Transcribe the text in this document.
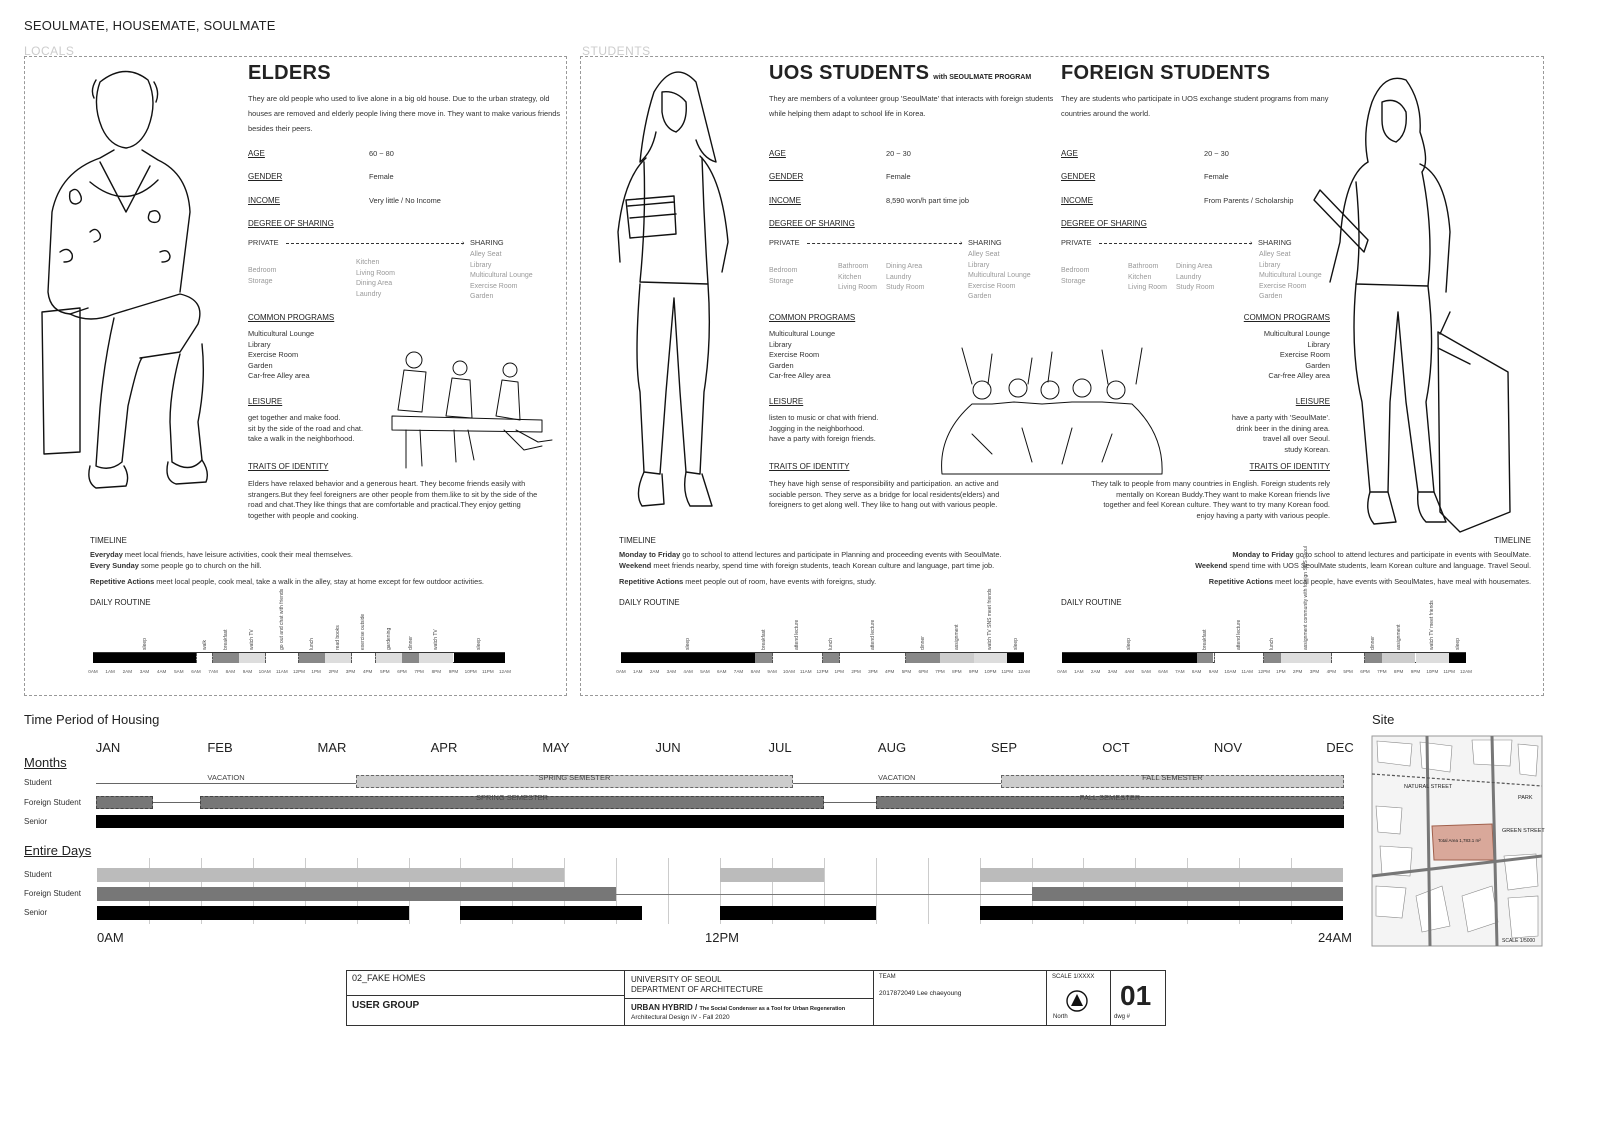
SEOULMATE, HOUSEMATE, SOULMATE
LOCALS	STUDENTS
ELDERS
They are old people who used to live alone in a big old house. Due to the urban strategy, old houses are removed and elderly people living there move in. They want to make various friends besides their peers.
UOS STUDENTS with SEOULMATE PROGRAM
They are members of a volunteer group 'SeoulMate' that interacts with foreign students while helping them adapt to school life in Korea.
FOREIGN STUDENTS
They are students who participate in UOS exchange student programs from many countries around the world.
Time Period of Housing
Months
Entire Days
Site
NATURAL STREET
PARK
GREEN STREET
Total Area 1,783.1 m²
SCALE 1/5000
02_FAKE HOMES
USER GROUP
UNIVERSITY OF SEOUL
DEPARTMENT OF ARCHITECTURE
URBAN HYBRID / The Social Condenser as a Tool for Urban Regeneration
Architectural Design IV - Fall 2020
TEAM
2017872049 Lee chaeyoung
SCALE 1/XXXX
North	dwg #
01
AGE	60 ~ 80
GENDER	Female
INCOME	Very little / No Income
DEGREE OF SHARING
PRIVATE	› SHARING
Bedroom
Storage
Kitchen
Living Room
Dining Area
Laundry
Alley Seat
Library
Multicultural Lounge
Exercise Room
Garden
AGE	20 ~ 30
GENDER	Female
INCOME	8,590 won/h part time job
DEGREE OF SHARING
PRIVATE	› SHARING
Bedroom
Storage
Bathroom
Kitchen
Living Room
Dining Area
Laundry
Study Room
Alley Seat
Library
Multicultural Lounge
Exercise Room
Garden
AGE	20 ~ 30
GENDER	Female
INCOME	From Parents / Scholarship
DEGREE OF SHARING
PRIVATE	› SHARING
Bedroom
Storage
Bathroom
Kitchen
Living Room
Dining Area
Laundry
Study Room
Alley Seat
Library
Multicultural Lounge
Exercise Room
Garden
COMMON PROGRAMS
Multicultural Lounge
Library
Exercise Room
Garden
Car-free Alley area
LEISURE
get together and make food.
sit by the side of the road and chat.
take a walk in the neighborhood.
TRAITS OF IDENTITY
Elders have relaxed behavior and a generous heart. They become friends easily with strangers.But they feel foreigners are other people from them.like to sit by the side of the road and chat.They like things that are comfortable and practical.They enjoy getting together with people and cooking.
COMMON PROGRAMS
Multicultural Lounge
Library
Exercise Room
Garden
Car-free Alley area
LEISURE
listen to music or chat with friend.
Jogging in the neighborhood.
have a party with foreign friends.
TRAITS OF IDENTITY
They have high sense of responsibility and participation. an active and sociable person. They serve as a bridge for local residents(elders) and foreigners to get along well. They like to hang out with various people.
COMMON PROGRAMS
Multicultural Lounge
Library
Exercise Room
Garden
Car-free Alley area
LEISURE
have a party with 'SeoulMate'.
drink beer in the dining area.
travel all over Seoul.
study Korean.
TRAITS OF IDENTITY
They talk to people from many countries in English. Foreign students rely mentally on Korean Buddy.They want to make Korean friends live together and feel Korean culture. They want to try many Korean food. enjoy having a party with various people.
TIMELINE
Everyday meet local friends, have leisure activities, cook their meal themselves.
Every Sunday some people go to church on the hill.
Repetitive Actions meet local people, cook meal, take a walk in the alley, stay at home except for few outdoor activities.
DAILY ROUTINE
TIMELINE
Monday to Friday go to school to attend lectures and participate in Planning and proceeding events with SeoulMate.
Weekend meet friends nearby, spend time with foreign students, teach Korean culture and language, part time job.
Repetitive Actions meet people out of room, have events with foreigns, study.
DAILY ROUTINE
TIMELINE
Monday to Friday go to school to attend lectures and participate in events with SeoulMate.
Weekend spend time with UOS SeoulMate students, learn Korean culture and language. Travel Seoul.
Repetitive Actions meet local people, have events with SeoulMates, have meal with housemates.
DAILY ROUTINE
sleep	walk	breakfast	watch TV	go out and chat with friends	lunch	read books	exercise outside	gardening	dinner	watch TV	sleep
0AM 1AM 2AM 3AM 4AM 5AM 6AM 7AM 8AM 9AM 10AM 11AM 12PM 1PM 2PM 3PM 4PM 5PM 6PM 7PM 8PM 9PM 10PM 11PM 12AM
sleep	breakfast	attend lecture	lunch	attend lecture	dinner	assignment	watch TV SNS meet friends	sleep
0AM 1AM 2AM 3AM 4AM 5AM 6AM 7AM 8AM 9AM 10AM 11AM 12PM 1PM 2PM 3PM 4PM 5PM 6PM 7PM 8PM 9PM 10PM 11PM 12AM
sleep	breakfast	attend lecture	lunch	assignment community with foreign SNS Seoul	dinner	assignment	watch TV meet friends	sleep
0AM 1AM 2AM 3AM 4AM 5AM 6AM 7AM 8AM 9AM 10AM 11AM 12PM 1PM 2PM 3PM 4PM 5PM 6PM 7PM 8PM 9PM 10PM 11PM 12AM
JAN	FEB	MAR	APR	MAY	JUN	JUL	AUG	SEP	OCT	NOV	DEC
Student
Foreign Student
Senior
VACATION	SPRING SEMESTER	VACATION	FALL SEMESTER
SPRING SEMESTER	FALL SEMESTER
Student
Foreign Student
Senior
0AM	12PM	24AM
